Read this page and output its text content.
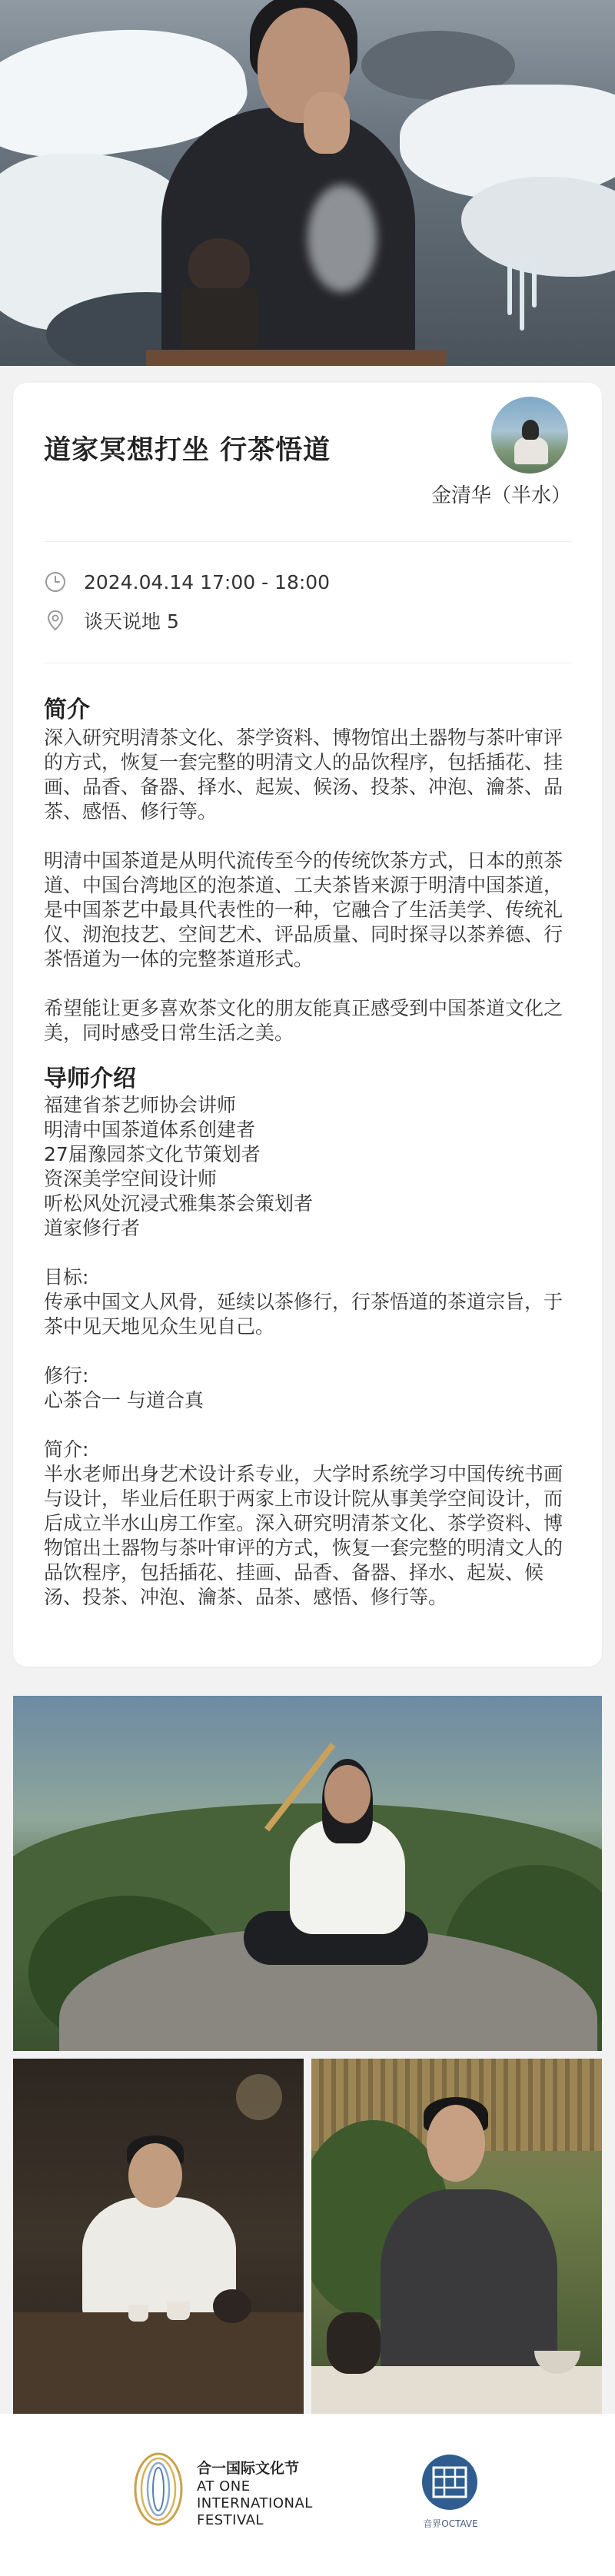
道家冥想打坐 行茶悟道
金清华（半水）
2024.04.14 17:00 - 18:00
谈天说地 5
简介

深入研究明清茶文化、茶学资料、博物馆出土器物与茶叶审评的方式，恢复一套完整的明清文人的品饮程序，包括插花、挂画、品香、备器、择水、起炭、候汤、投茶、冲泡、瀹茶、品茶、感悟、修行等。

明清中国茶道是从明代流传至今的传统饮茶方式，日本的煎茶道、中国台湾地区的泡茶道、工夫茶皆来源于明清中国茶道，是中国茶艺中最具代表性的一种，它融合了生活美学、传统礼仪、沏泡技艺、空间艺术、评品质量、同时探寻以茶养德、行茶悟道为一体的完整茶道形式。

希望能让更多喜欢茶文化的朋友能真正感受到中国茶道文化之美，同时感受日常生活之美。

导师介绍
福建省茶艺师协会讲师
明清中国茶道体系创建者
27届豫园茶文化节策划者
资深美学空间设计师
听松风处沉浸式雅集茶会策划者
道家修行者
目标:

传承中国文人风骨，延续以茶修行，行茶悟道的茶道宗旨，于茶中见天地见众生见自己。

修行:
心茶合一 与道合真
简介:

半水老师出身艺术设计系专业，大学时系统学习中国传统书画与设计，毕业后任职于两家上市设计院从事美学空间设计，而后成立半水山房工作室。深入研究明清茶文化、茶学资料、博物馆出土器物与茶叶审评的方式，恢复一套完整的明清文人的品饮程序，包括插花、挂画、品香、备器、择水、起炭、候汤、投茶、冲泡、瀹茶、品茶、感悟、修行等。

合一国际文化节
AT ONE
INTERNATIONAL
FESTIVAL	音界OCTAVE
